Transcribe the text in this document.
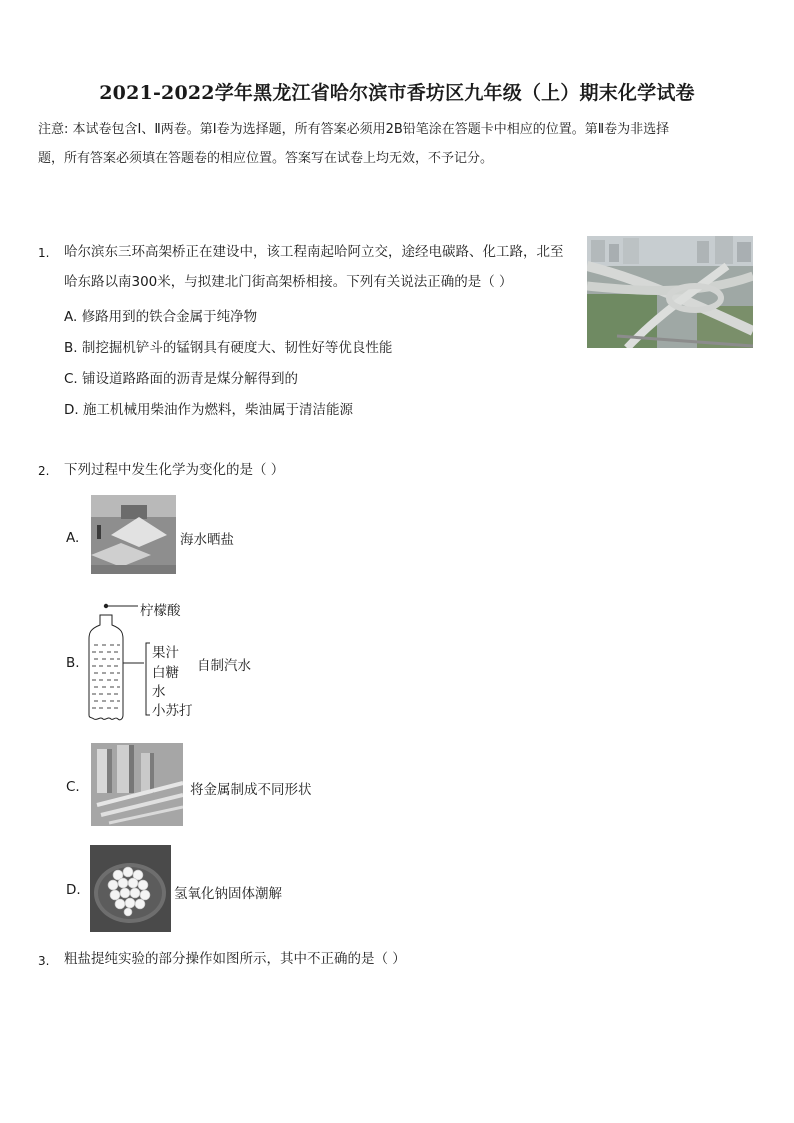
2021-2022学年黑龙江省哈尔滨市香坊区九年级（上）期末化学试卷
注意: 本试卷包含Ⅰ、Ⅱ两卷。第Ⅰ卷为选择题，所有答案必须用2B铅笔涂在答题卡中相应的位置。第Ⅱ卷为非选择
题，所有答案必须填在答题卷的相应位置。答案写在试卷上均无效，不予记分。
1. 哈尔滨东三环高架桥正在建设中，该工程南起哈阿立交，途经电碳路、化工路，北至
哈东路以南300米，与拟建北门街高架桥相接。下列有关说法正确的是（ ）
A. 修路用到的铁合金属于纯净物
B. 制挖掘机铲斗的锰钢具有硬度大、韧性好等优良性能
C. 铺设道路路面的沥青是煤分解得到的
D. 施工机械用柴油作为燃料，柴油属于清洁能源
2. 下列过程中发生化学为变化的是（ ）
A.	海水晒盐
B.
柠檬酸
果汁
白糖
水
小苏打
自制汽水
C.	将金属制成不同形状
D.	氢氧化钠固体潮解
3. 粗盐提纯实验的部分操作如图所示，其中不正确的是（ ）
